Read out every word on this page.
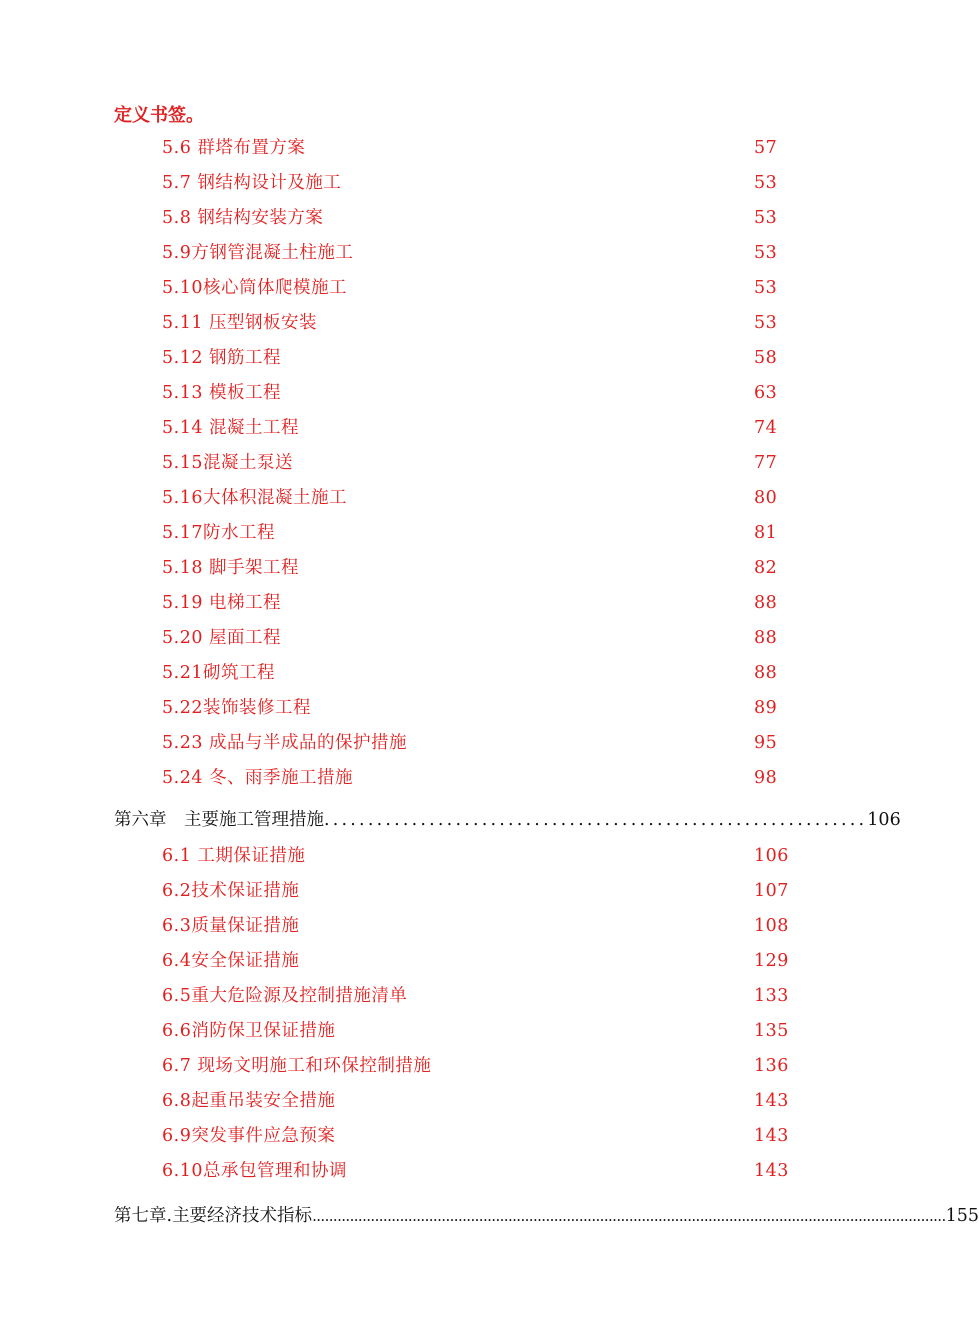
定义书签。
5.6 群塔布置方案	57
5.7 钢结构设计及施工	53
5.8 钢结构安装方案	53
5.9方钢管混凝土柱施工	53
5.10核心筒体爬模施工	53
5.11 压型钢板安装	53
5.12 钢筋工程	58
5.13 模板工程	63
5.14 混凝土工程	74
5.15混凝土泵送	77
5.16大体积混凝土施工	80
5.17防水工程	81
5.18 脚手架工程	82
5.19 电梯工程	88
5.20 屋面工程	88
5.21砌筑工程	88
5.22装饰装修工程	89
5.23 成品与半成品的保护措施	95
5.24 冬、雨季施工措施	98
第六章　主要施工管理措施 .............................................................. 106
6.1 工期保证措施	106
6.2技术保证措施	107
6.3质量保证措施	108
6.4安全保证措施	129
6.5重大危险源及控制措施清单	133
6.6消防保卫保证措施	135
6.7 现场文明施工和环保控制措施	136
6.8起重吊装安全措施	143
6.9突发事件应急预案	143
6.10总承包管理和协调	143
第七章.主要经济技术指标 ........................................................................................................................................................ 155
